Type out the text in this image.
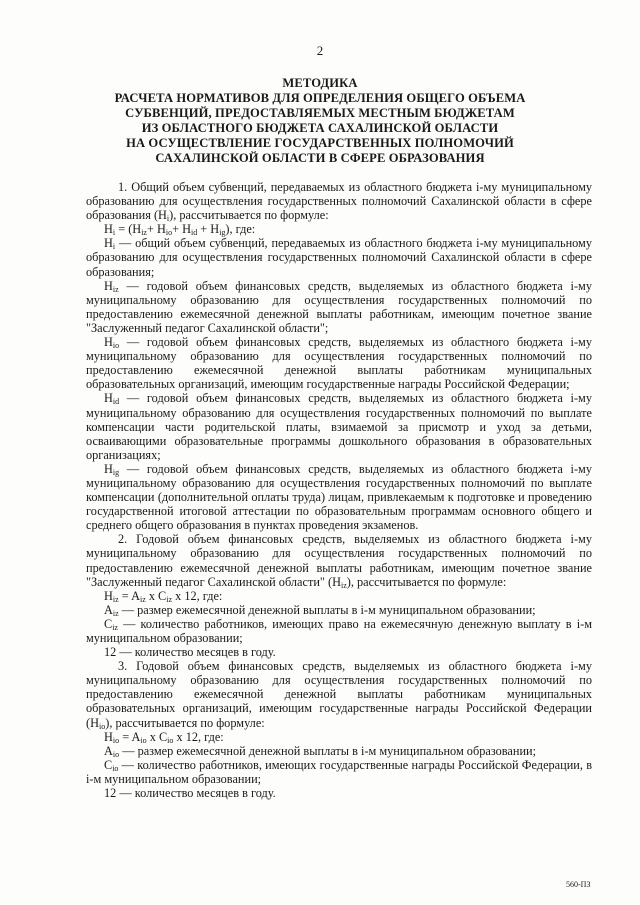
2
МЕТОДИКА
РАСЧЕТА НОРМАТИВОВ ДЛЯ ОПРЕДЕЛЕНИЯ ОБЩЕГО ОБЪЕМА
СУБВЕНЦИЙ, ПРЕДОСТАВЛЯЕМЫХ МЕСТНЫМ БЮДЖЕТАМ
ИЗ ОБЛАСТНОГО БЮДЖЕТА САХАЛИНСКОЙ ОБЛАСТИ
НА ОСУЩЕСТВЛЕНИЕ ГОСУДАРСТВЕННЫХ ПОЛНОМОЧИЙ
САХАЛИНСКОЙ ОБЛАСТИ В СФЕРЕ ОБРАЗОВАНИЯ

1. Общий объем субвенций, передаваемых из областного бюджета i-му муниципальному образованию для осуществления государственных полномочий Сахалинской области в сфере образования $(H_i)$, рассчитывается по формуле:

$H_i = (H_{iz}+ H_{io}+ H_{id} + H_{ig})$, где:

$H_i$ — общий объем субвенций, передаваемых из областного бюджета i-му муниципальному образованию для осуществления государственных полномочий Сахалинской области в сфере образования;

$H_{iz}$ — годовой объем финансовых средств, выделяемых из областного бюджета i-му муниципальному образованию для осуществления государственных полномочий по предоставлению ежемесячной денежной выплаты работникам, имеющим почетное звание "Заслуженный педагог Сахалинской области";

$H_{io}$ — годовой объем финансовых средств, выделяемых из областного бюджета i-му муниципальному образованию для осуществления государственных полномочий по предоставлению ежемесячной денежной выплаты работникам муниципальных образовательных организаций, имеющим государственные награды Российской Федерации;

$H_{id}$ — годовой объем финансовых средств, выделяемых из областного бюджета i-му муниципальному образованию для осуществления государственных полномочий по выплате компенсации части родительской платы, взимаемой за присмотр и уход за детьми, осваивающими образовательные программы дошкольного образования в образовательных организациях;

$H_{ig}$ — годовой объем финансовых средств, выделяемых из областного бюджета i-му муниципальному образованию для осуществления государственных полномочий по выплате компенсации (дополнительной оплаты труда) лицам, привлекаемым к подготовке и проведению государственной итоговой аттестации по образовательным программам основного общего и среднего общего образования в пунктах проведения экзаменов.

2. Годовой объем финансовых средств, выделяемых из областного бюджета i-му муниципальному образованию для осуществления государственных полномочий по предоставлению ежемесячной денежной выплаты работникам, имеющим почетное звание "Заслуженный педагог Сахалинской области" $(H_{iz})$, рассчитывается по формуле:

$H_{iz} = A_{iz}$ x $C_{iz}$ x 12, где:

$A_{iz}$ — размер ежемесячной денежной выплаты в i-м муниципальном образовании;

$C_{iz}$ — количество работников, имеющих право на ежемесячную денежную выплату в i-м муниципальном образовании;

12 — количество месяцев в году.

3. Годовой объем финансовых средств, выделяемых из областного бюджета i-му муниципальному образованию для осуществления государственных полномочий по предоставлению ежемесячной денежной выплаты работникам муниципальных образовательных организаций, имеющим государственные награды Российской Федерации $(H_{io})$, рассчитывается по формуле:

$H_{io} = A_{io}$ x $C_{io}$ x 12, где:

$A_{io}$ — размер ежемесячной денежной выплаты в i-м муниципальном образовании;

$C_{io}$ — количество работников, имеющих государственные награды Российской Федерации, в i-м муниципальном образовании;

12 — количество месяцев в году.

560-ПЗ
